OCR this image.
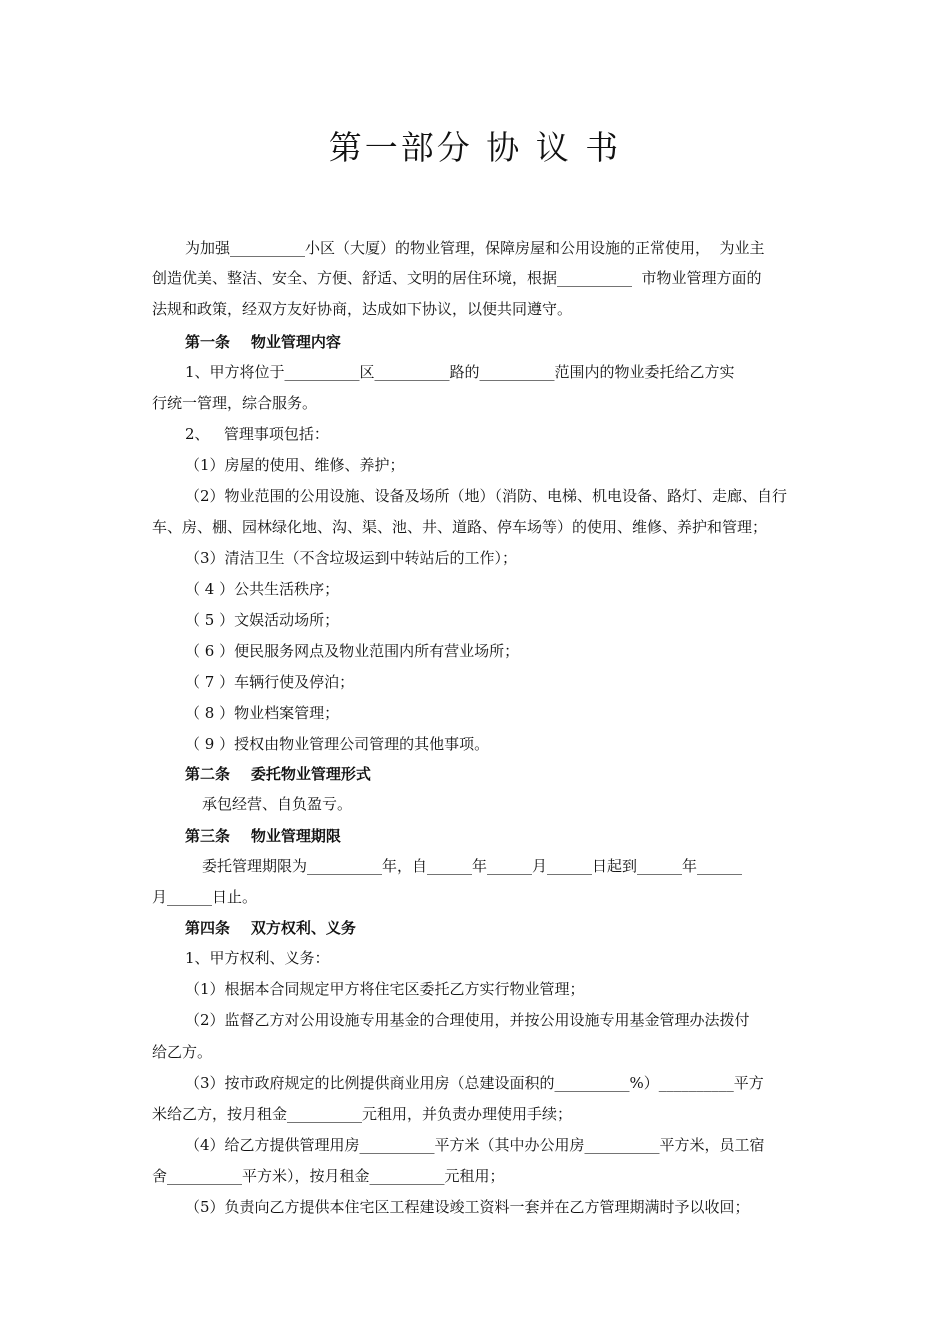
第一部分 协 议 书
为加强__________小区（大厦）的物业管理，保障房屋和公用设施的正常使用，  为业主
创造优美、整洁、安全、方便、舒适、文明的居住环境，根据__________  市物业管理方面的
法规和政策，经双方友好协商，达成如下协议，以便共同遵守。
第一条    物业管理内容
1、甲方将位于__________区__________路的__________范围内的物业委托给乙方实
行统一管理，综合服务。
2、   管理事项包括：
（1）房屋的使用、维修、养护；
（2）物业范围的公用设施、设备及场所（地）（消防、电梯、机电设备、路灯、走廊、自行
车、房、棚、园林绿化地、沟、渠、池、井、道路、停车场等）的使用、维修、养护和管理；
（3）清洁卫生（不含垃圾运到中转站后的工作）；
（ 4 ）公共生活秩序；
（ 5 ）文娱活动场所；
（ 6 ）便民服务网点及物业范围内所有营业场所；
（ 7 ）车辆行使及停泊；
（ 8 ）物业档案管理；
（ 9 ）授权由物业管理公司管理的其他事项。
第二条    委托物业管理形式
承包经营、自负盈亏。
第三条    物业管理期限
委托管理期限为__________年，自______年______月______日起到______年______
月______日止。
第四条    双方权利、义务
1、甲方权利、义务：
（1）根据本合同规定甲方将住宅区委托乙方实行物业管理；
（2）监督乙方对公用设施专用基金的合理使用，并按公用设施专用基金管理办法拨付
给乙方。
（3）按市政府规定的比例提供商业用房（总建设面积的__________%）__________平方
米给乙方，按月租金__________元租用，并负责办理使用手续；
（4）给乙方提供管理用房__________平方米（其中办公用房__________平方米，员工宿
舍__________平方米），按月租金__________元租用；
（5）负责向乙方提供本住宅区工程建设竣工资料一套并在乙方管理期满时予以收回；
